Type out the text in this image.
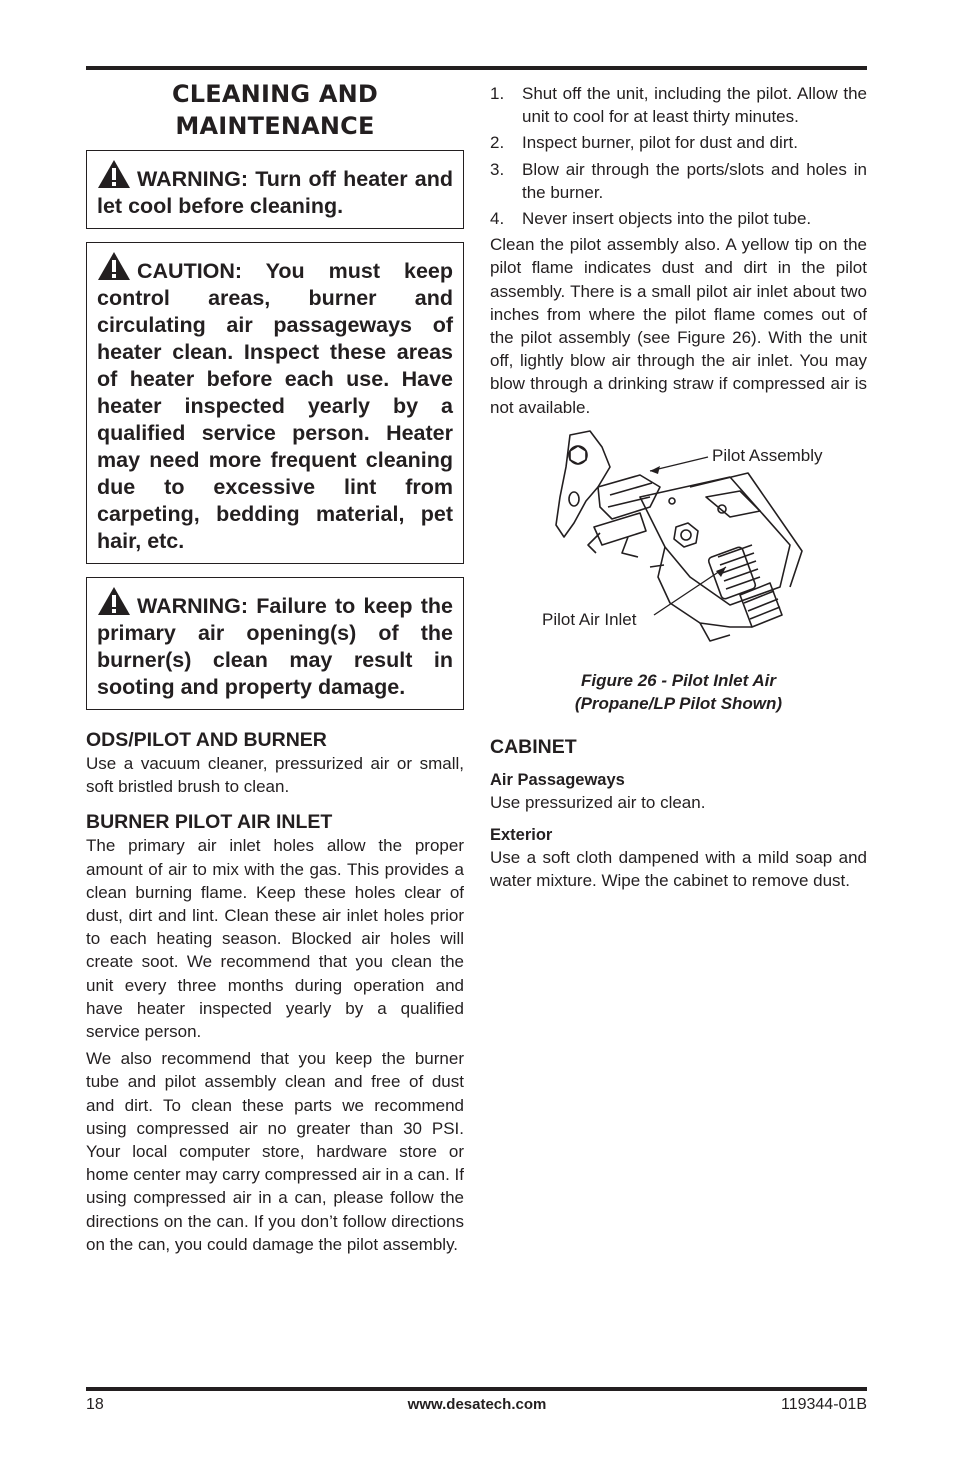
CLEANING AND
MAINTENANCE
WARNING: Turn off heater and let cool before cleaning.
CAUTION: You must keep control areas, burner and circulating air passageways of heater clean. Inspect these areas of heater before each use. Have heater inspected yearly by a qualified service person. Heater may need more frequent cleaning due to excessive lint from carpeting, bedding material, pet hair, etc.
WARNING: Failure to keep the primary air opening(s) of the burner(s) clean may result in sooting and property damage.
ODS/PILOT AND BURNER

Use a vacuum cleaner, pressurized air or small, soft bristled brush to clean.

BURNER PILOT AIR INLET

The primary air inlet holes allow the proper amount of air to mix with the gas. This provides a clean burning flame. Keep these holes clear of dust, dirt and lint. Clean these air inlet holes prior to each heating season. Blocked air holes will create soot. We recommend that you clean the unit every three months during operation and have heater inspected yearly by a qualified service person.

We also recommend that you keep the burner tube and pilot assembly clean and free of dust and dirt. To clean these parts we recommend using compressed air no greater than 30 PSI. Your local computer store, hardware store or home center may carry compressed air in a can. If using compressed air in a can, please follow the directions on the can. If you don’t follow directions on the can, you could damage the pilot assembly.

1.	Shut off the unit, including the pilot. Allow the unit to cool for at least thirty minutes.
2.	Inspect burner, pilot for dust and dirt.
3.	Blow air through the ports/slots and holes in the burner.
4.	Never insert objects into the pilot tube.

Clean the pilot assembly also. A yellow tip on the pilot flame indicates dust and dirt in the pilot assembly. There is a small pilot air inlet about two inches from where the pilot flame comes out of the pilot assembly (see Figure 26). With the unit off, lightly blow air through the air inlet. You may blow through a drinking straw if compressed air is not available.

Pilot Assembly
Pilot Air Inlet
Figure 26 - Pilot Inlet Air
(Propane/LP Pilot Shown)
CABINET
Air Passageways

Use pressurized air to clean.

Exterior

Use a soft cloth dampened with a mild soap and water mixture. Wipe the cabinet to remove dust.

18	www.desatech.com	119344-01B
